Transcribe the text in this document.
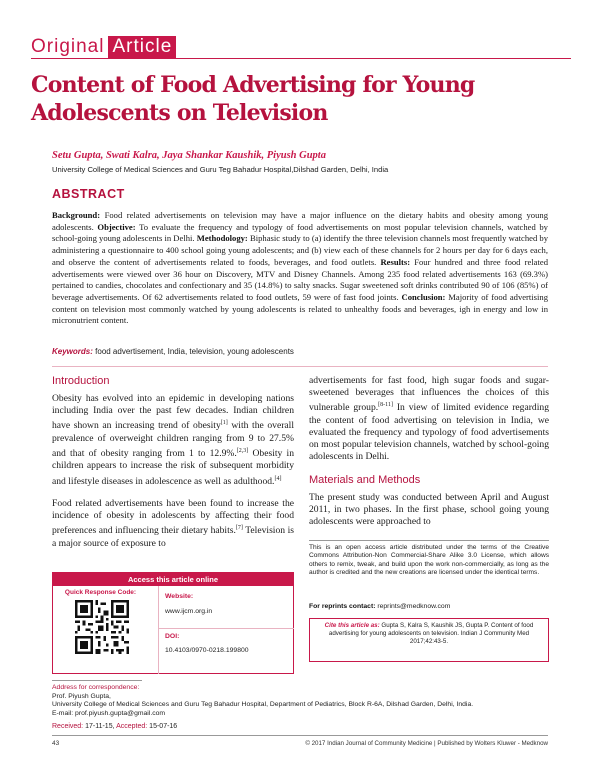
Original Article
Content of Food Advertising for Young Adolescents on Television
Setu Gupta, Swati Kalra, Jaya Shankar Kaushik, Piyush Gupta
University College of Medical Sciences and Guru Teg Bahadur Hospital,Dilshad Garden, Delhi, India
ABSTRACT
Background: Food related advertisements on television may have a major influence on the dietary habits and obesity among young adolescents. Objective: To evaluate the frequency and typology of food advertisements on most popular television channels, watched by school-going young adolescents in Delhi. Methodology: Biphasic study to (a) identify the three television channels most frequently watched by administering a questionnaire to 400 school going young adolescents; and (b) view each of these channels for 2 hours per day for 6 days each, and observe the content of advertisements related to foods, beverages, and food outlets. Results: Four hundred and three food related advertisements were viewed over 36 hour on Discovery, MTV and Disney Channels. Among 235 food related advertisements 163 (69.3%) pertained to candies, chocolates and confectionary and 35 (14.8%) to salty snacks. Sugar sweetened soft drinks contributed 90 of 106 (85%) of beverage advertisements. Of 62 advertisements related to food outlets, 59 were of fast food joints. Conclusion: Majority of food advertising content on television most commonly watched by young adolescents is related to unhealthy foods and beverages, igh in energy and low in micronutrient content.
Keywords: food advertisement, India, television, young adolescents
Introduction

Obesity has evolved into an epidemic in developing nations including India over the past few decades. Indian children have shown an increasing trend of obesity[1] with the overall prevalence of overweight children ranging from 9 to 27.5% and that of obesity ranging from 1 to 12.9%.[2,3] Obesity in children appears to increase the risk of subsequent morbidity and lifestyle diseases in adolescence as well as adulthood.[4]

Food related advertisements have been found to increase the incidence of obesity in adolescents by affecting their food preferences and influencing their dietary habits.[7] Television is a major source of exposure to

advertisements for fast food, high sugar foods and sugar-sweetened beverages that influences the choices of this vulnerable group.[8-11] In view of limited evidence regarding the content of food advertising on television in India, we evaluated the frequency and typology of food advertisements on most popular television channels, watched by school-going adolescents in Delhi.

Materials and Methods

The present study was conducted between April and August 2011, in two phases. In the first phase, school going young adolescents were approached to

Access this article online
Quick Response Code:
Website:
www.ijcm.org.in
DOI:
10.4103/0970-0218.199800
This is an open access article distributed under the terms of the Creative Commons Attribution-Non Commercial-Share Alike 3.0 License, which allows others to remix, tweak, and build upon the work non-commercially, as long as the author is credited and the new creations are licensed under the identical terms.
For reprints contact: reprints@medknow.com
Cite this article as: Gupta S, Kalra S, Kaushik JS, Gupta P. Content of food advertising for young adolescents on television. Indian J Community Med 2017;42:43-5.
Address for correspondence:
Prof. Piyush Gupta,
University College of Medical Sciences and Guru Teg Bahadur Hospital, Department of Pediatrics, Block R-6A, Dilshad Garden, Delhi, India.
E-mail: prof.piyush.gupta@gmail.com
Received: 17-11-15, Accepted: 15-07-16
43	© 2017 Indian Journal of Community Medicine | Published by Wolters Kluwer - Medknow
